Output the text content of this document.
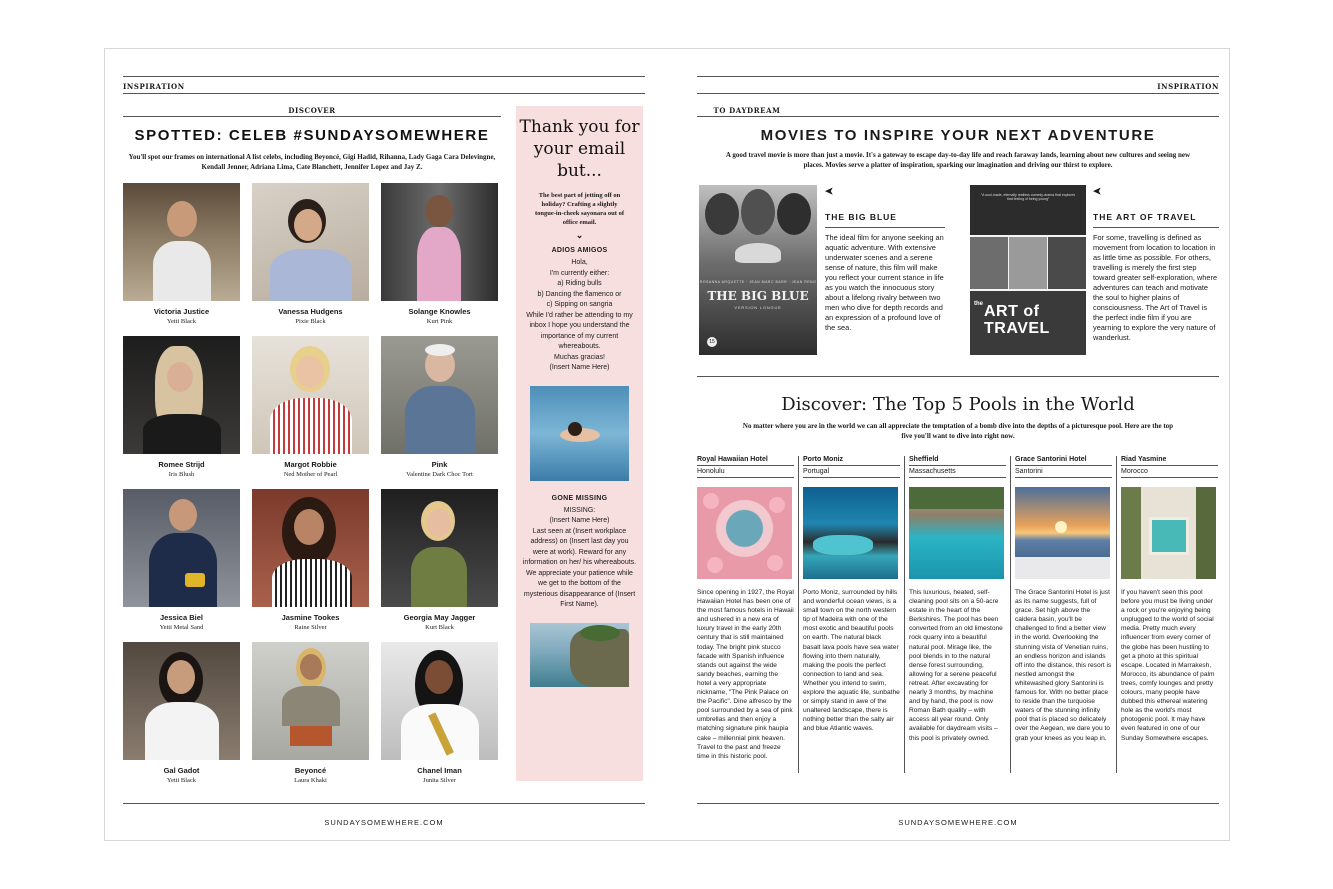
INSPIRATION
DISCOVER
SPOTTED: CELEB #SUNDAYSOMEWHERE
You'll spot our frames on international A list celebs, including Beyoncé, Gigi Hadid, Rihanna, Lady Gaga Cara Delevingne, Kendall Jenner, Adriana Lima, Cate Blanchett, Jennifer Lopez and Jay Z.
Victoria Justice
Yetti Black
Vanessa Hudgens
Pixie Black
Solange Knowles
Kurt Pink
Romee Strijd
Iris Blush
Margot Robbie
Ned Mother of Pearl
Pink
Valentine Dark Choc Tort
Jessica Biel
Yetti Metal Sand
Jasmine Tookes
Raine Silver
Georgia May Jagger
Kurt Black
Gal Gadot
Yetti Black
Beyoncé
Laura Khaki
Chanel Iman
Junita Silver
Thank you for your email but...
The best part of jetting off on holiday? Crafting a slightly tongue-in-cheek sayonara out of office email.
⌄
ADIOS AMIGOS
Hola,
I'm currently either:
a) Riding bulls
b) Dancing the flamenco or
c) Sipping on sangria
While I'd rather be attending to my inbox I hope you understand the importance of my current whereabouts.
Muchas gracias!
(Insert Name Here)
GONE MISSING
MISSING:
(Insert Name Here)
Last seen at (Insert workplace address) on (Insert last day you were at work). Reward for any information on her/ his whereabouts. We appreciate your patience while we get to the bottom of the mysterious disappearance of (Insert First Name).
SUNDAYSOMEWHERE.COM
INSPIRATION
TO DAYDREAM
MOVIES TO INSPIRE YOUR NEXT ADVENTURE
A good travel movie is more than just a movie. It's a gateway to escape day-to-day life and reach faraway lands, learning about new cultures and seeing new places. Movies serve a platter of inspiration, sparking our imagination and driving our thirst to explore.
ROSANNA ARQUETTE · JEAN MARC BARR · JEAN RENO
THE BIG BLUE
VERSION LONGUE
15
➤
THE BIG BLUE
The ideal film for anyone seeking an aquatic adventure. With extensive underwater scenes and a serene sense of nature, this film will make you reflect your current stance in life as you watch the innocuous story about a lifelong rivalry between two men who dive for depth records and an expression of a profound love of the sea.
"A soul-made, eternally restless comedy-drama that explores that feeling of being young"
the ART of TRAVEL
➤
THE ART OF TRAVEL
For some, travelling is defined as movement from location to location in as little time as possible. For others, travelling is merely the first step toward greater self-exploration, where adventures can teach and motivate the soul to higher plains of consciousness. The Art of Travel is the perfect indie film if you are yearning to explore the very nature of wanderlust.
Discover: The Top 5 Pools in the World
No matter where you are in the world we can all appreciate the temptation of a bomb dive into the depths of a picturesque pool. Here are the top five you'll want to dive into right now.
Royal Hawaiian Hotel
Honolulu
Since opening in 1927, the Royal Hawaiian Hotel has been one of the most famous hotels in Hawaii and ushered in a new era of luxury travel in the early 20th century that is still maintained today. The bright pink stucco facade with Spanish influence stands out against the wide sandy beaches, earning the hotel a very appropriate nickname, "The Pink Palace on the Pacific". Dine alfresco by the pool surrounded by a sea of pink umbrellas and then enjoy a matching signature pink haupia cake – millennial pink heaven. Travel to the past and freeze time in this historic pool.
Porto Moniz
Portugal
Porto Moniz, surrounded by hills and wonderful ocean views, is a small town on the north western tip of Madeira with one of the most exotic and beautiful pools on earth. The natural black basalt lava pools have sea water flowing into them naturally, making the pools the perfect connection to land and sea. Whether you intend to swim, explore the aquatic life, sunbathe or simply stand in awe of the unaltered landscape, there is nothing better than the salty air and blue Atlantic waves.
Sheffield
Massachusetts
This luxurious, heated, self-cleaning pool sits on a 50-acre estate in the heart of the Berkshires. The pool has been converted from an old limestone rock quarry into a beautiful natural pool. Mirage like, the pool blends in to the natural dense forest surrounding, allowing for a serene peaceful retreat. After excavating for nearly 3 months, by machine and by hand, the pool is now Roman Bath quality – with access all year round. Only available for daydream visits – this pool is privately owned.
Grace Santorini Hotel
Santorini
The Grace Santorini Hotel is just as its name suggests, full of grace. Set high above the caldera basin, you'll be challenged to find a better view in the world. Overlooking the stunning vista of Venetian ruins, an endless horizon and islands off into the distance, this resort is nestled amongst the whitewashed glory Santorini is famous for. With no better place to reside than the turquoise waters of the stunning infinity pool that is placed so delicately over the Aegean, we dare you to grab your knees as you leap in.
Riad Yasmine
Morocco
If you haven't seen this pool before you must be living under a rock or you're enjoying being unplugged to the world of social media. Pretty much every influencer from every corner of the globe has been hustling to get a photo at this spiritual escape. Located in Marrakesh, Morocco, its abundance of palm trees, comfy lounges and pretty colours, many people have dubbed this ethereal watering hole as the world's most photogenic pool. It may have even featured in one of our Sunday Somewhere escapes.
SUNDAYSOMEWHERE.COM
